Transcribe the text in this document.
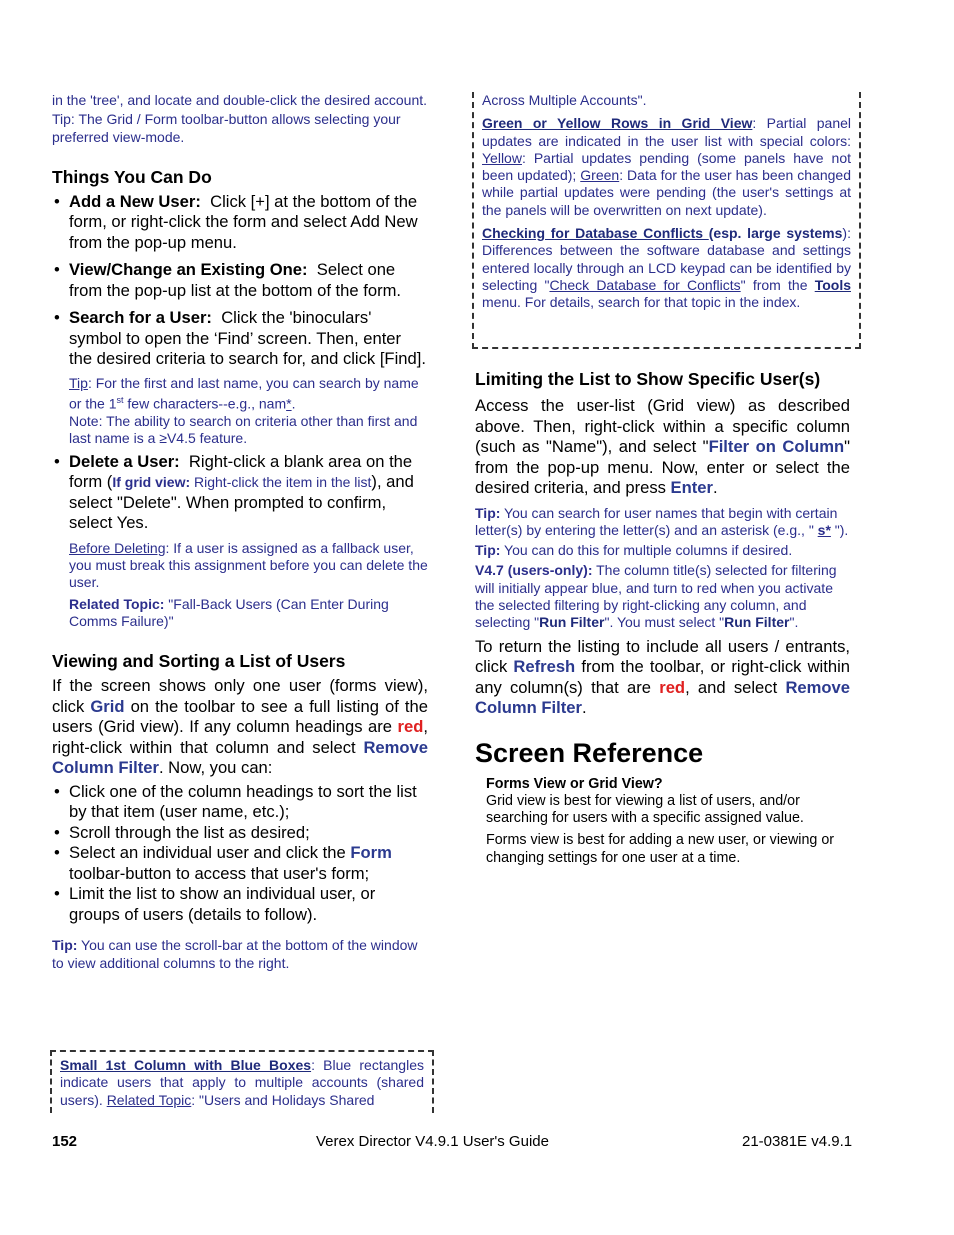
in the 'tree', and locate and double-click the desired account.

Tip: The Grid / Form toolbar-button allows selecting your preferred view-mode.

Things You Can Do
• Add a New User: Click [+] at the bottom of the form, or right-click the form and select Add New from the pop-up menu.
• View/Change an Existing One: Select one from the pop-up list at the bottom of the form.
• Search for a User: Click the 'binoculars' symbol to open the ‘Find’ screen. Then, enter the desired criteria to search for, and click [Find].
Tip: For the first and last name, you can search by name or the 1st few characters--e.g., nam*.
Note: The ability to search on criteria other than first and last name is a ≥V4.5 feature.
• Delete a User: Right-click a blank area on the form (If grid view: Right-click the item in the list), and select "Delete". When prompted to confirm, select Yes.

Before Deleting: If a user is assigned as a fallback user, you must break this assignment before you can delete the user.

Related Topic: "Fall-Back Users (Can Enter During Comms Failure)"

Viewing and Sorting a List of Users

If the screen shows only one user (forms view), click Grid on the toolbar to see a full listing of the users (Grid view). If any column headings are red, right-click within that column and select Remove Column Filter. Now, you can:

• Click one of the column headings to sort the list by that item (user name, etc.);
• Scroll through the list as desired;
• Select an individual user and click the Form toolbar-button to access that user's form;
• Limit the list to show an individual user, or groups of users (details to follow).

Tip: You can use the scroll-bar at the bottom of the window to view additional columns to the right.

Small 1st Column with Blue Boxes: Blue rectangles indicate users that apply to multiple accounts (shared users). Related Topic: "Users and Holidays Shared

Across Multiple Accounts".

Green or Yellow Rows in Grid View: Partial panel updates are indicated in the user list with special colors: Yellow: Partial updates pending (some panels have not been updated); Green: Data for the user has been changed while partial updates were pending (the user's settings at the panels will be overwritten on next update).

Checking for Database Conflicts (esp. large systems): Differences between the software database and settings entered locally through an LCD keypad can be identified by selecting "Check Database for Conflicts" from the Tools menu. For details, search for that topic in the index.

Limiting the List to Show Specific User(s)

Access the user-list (Grid view) as described above. Then, right-click within a specific column (such as "Name"), and select "Filter on Column" from the pop-up menu. Now, enter or select the desired criteria, and press Enter.

Tip: You can search for user names that begin with certain letter(s) by entering the letter(s) and an asterisk (e.g., " s* ").

Tip: You can do this for multiple columns if desired.

V4.7 (users-only): The column title(s) selected for filtering will initially appear blue, and turn to red when you activate the selected filtering by right-clicking any column, and selecting "Run Filter". You must select "Run Filter".

To return the listing to include all users / entrants, click Refresh from the toolbar, or right-click within any column(s) that are red, and select Remove Column Filter.

Screen Reference

Forms View or Grid View?

Grid view is best for viewing a list of users, and/or searching for users with a specific assigned value.

Forms view is best for adding a new user, or viewing or changing settings for one user at a time.

152	Verex Director V4.9.1 User's Guide	21-0381E v4.9.1
